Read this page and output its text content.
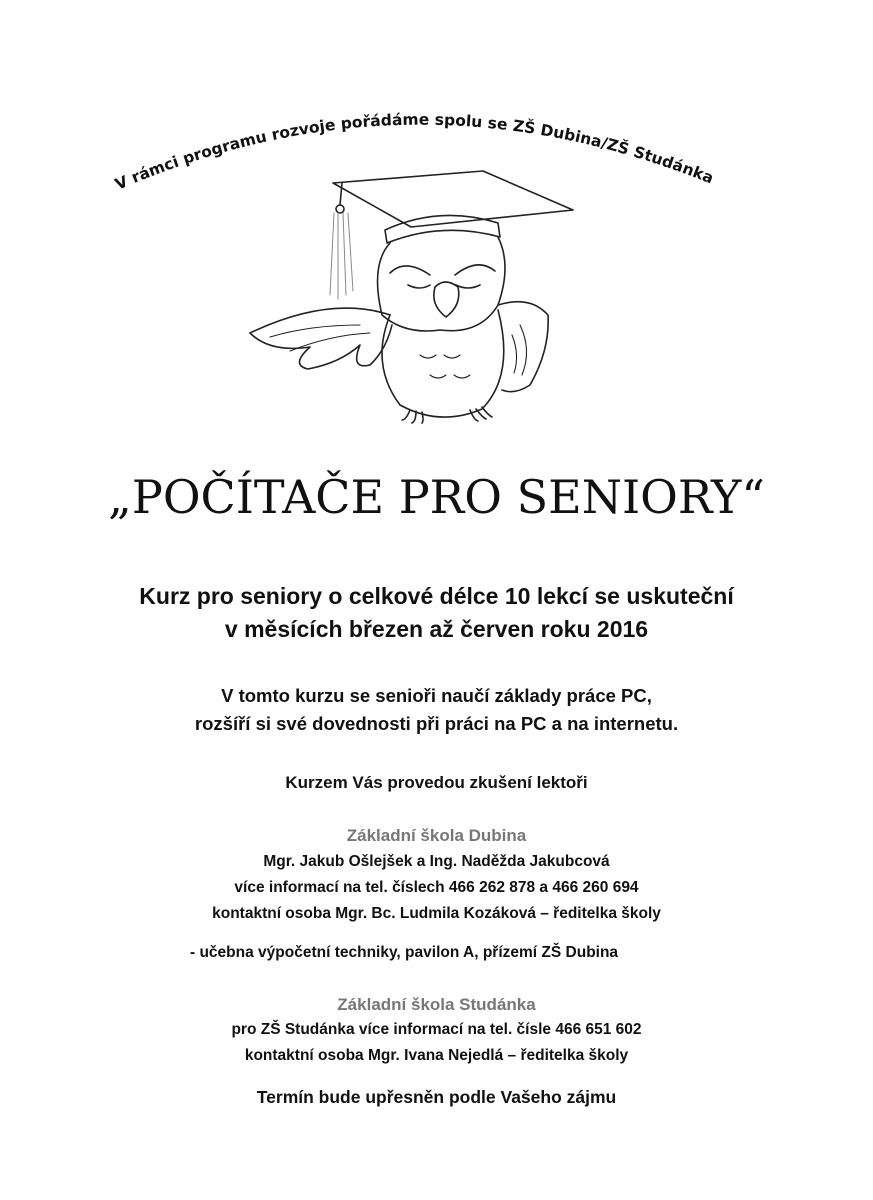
V rámci programu rozvoje pořádáme spolu se ZŠ Dubina/ZŠ Studánka
„POČÍTAČE PRO SENIORY“
Kurz pro seniory o celkové délce 10 lekcí se uskuteční
v měsících březen až červen roku 2016
V tomto kurzu se senioři naučí základy práce PC,
rozšíří si své dovednosti při práci na PC a na internetu.
Kurzem Vás provedou zkušení lektoři
Základní škola Dubina
Mgr. Jakub Ošlejšek a Ing. Naděžda Jakubcová
více informací na tel. číslech 466 262 878 a 466 260 694
kontaktní osoba Mgr. Bc. Ludmila Kozáková – ředitelka školy
- učebna výpočetní techniky, pavilon A, přízemí ZŠ Dubina
Základní škola Studánka
pro ZŠ Studánka více informací na tel. čísle 466 651 602
kontaktní osoba Mgr. Ivana Nejedlá – ředitelka školy
Termín bude upřesněn podle Vašeho zájmu
